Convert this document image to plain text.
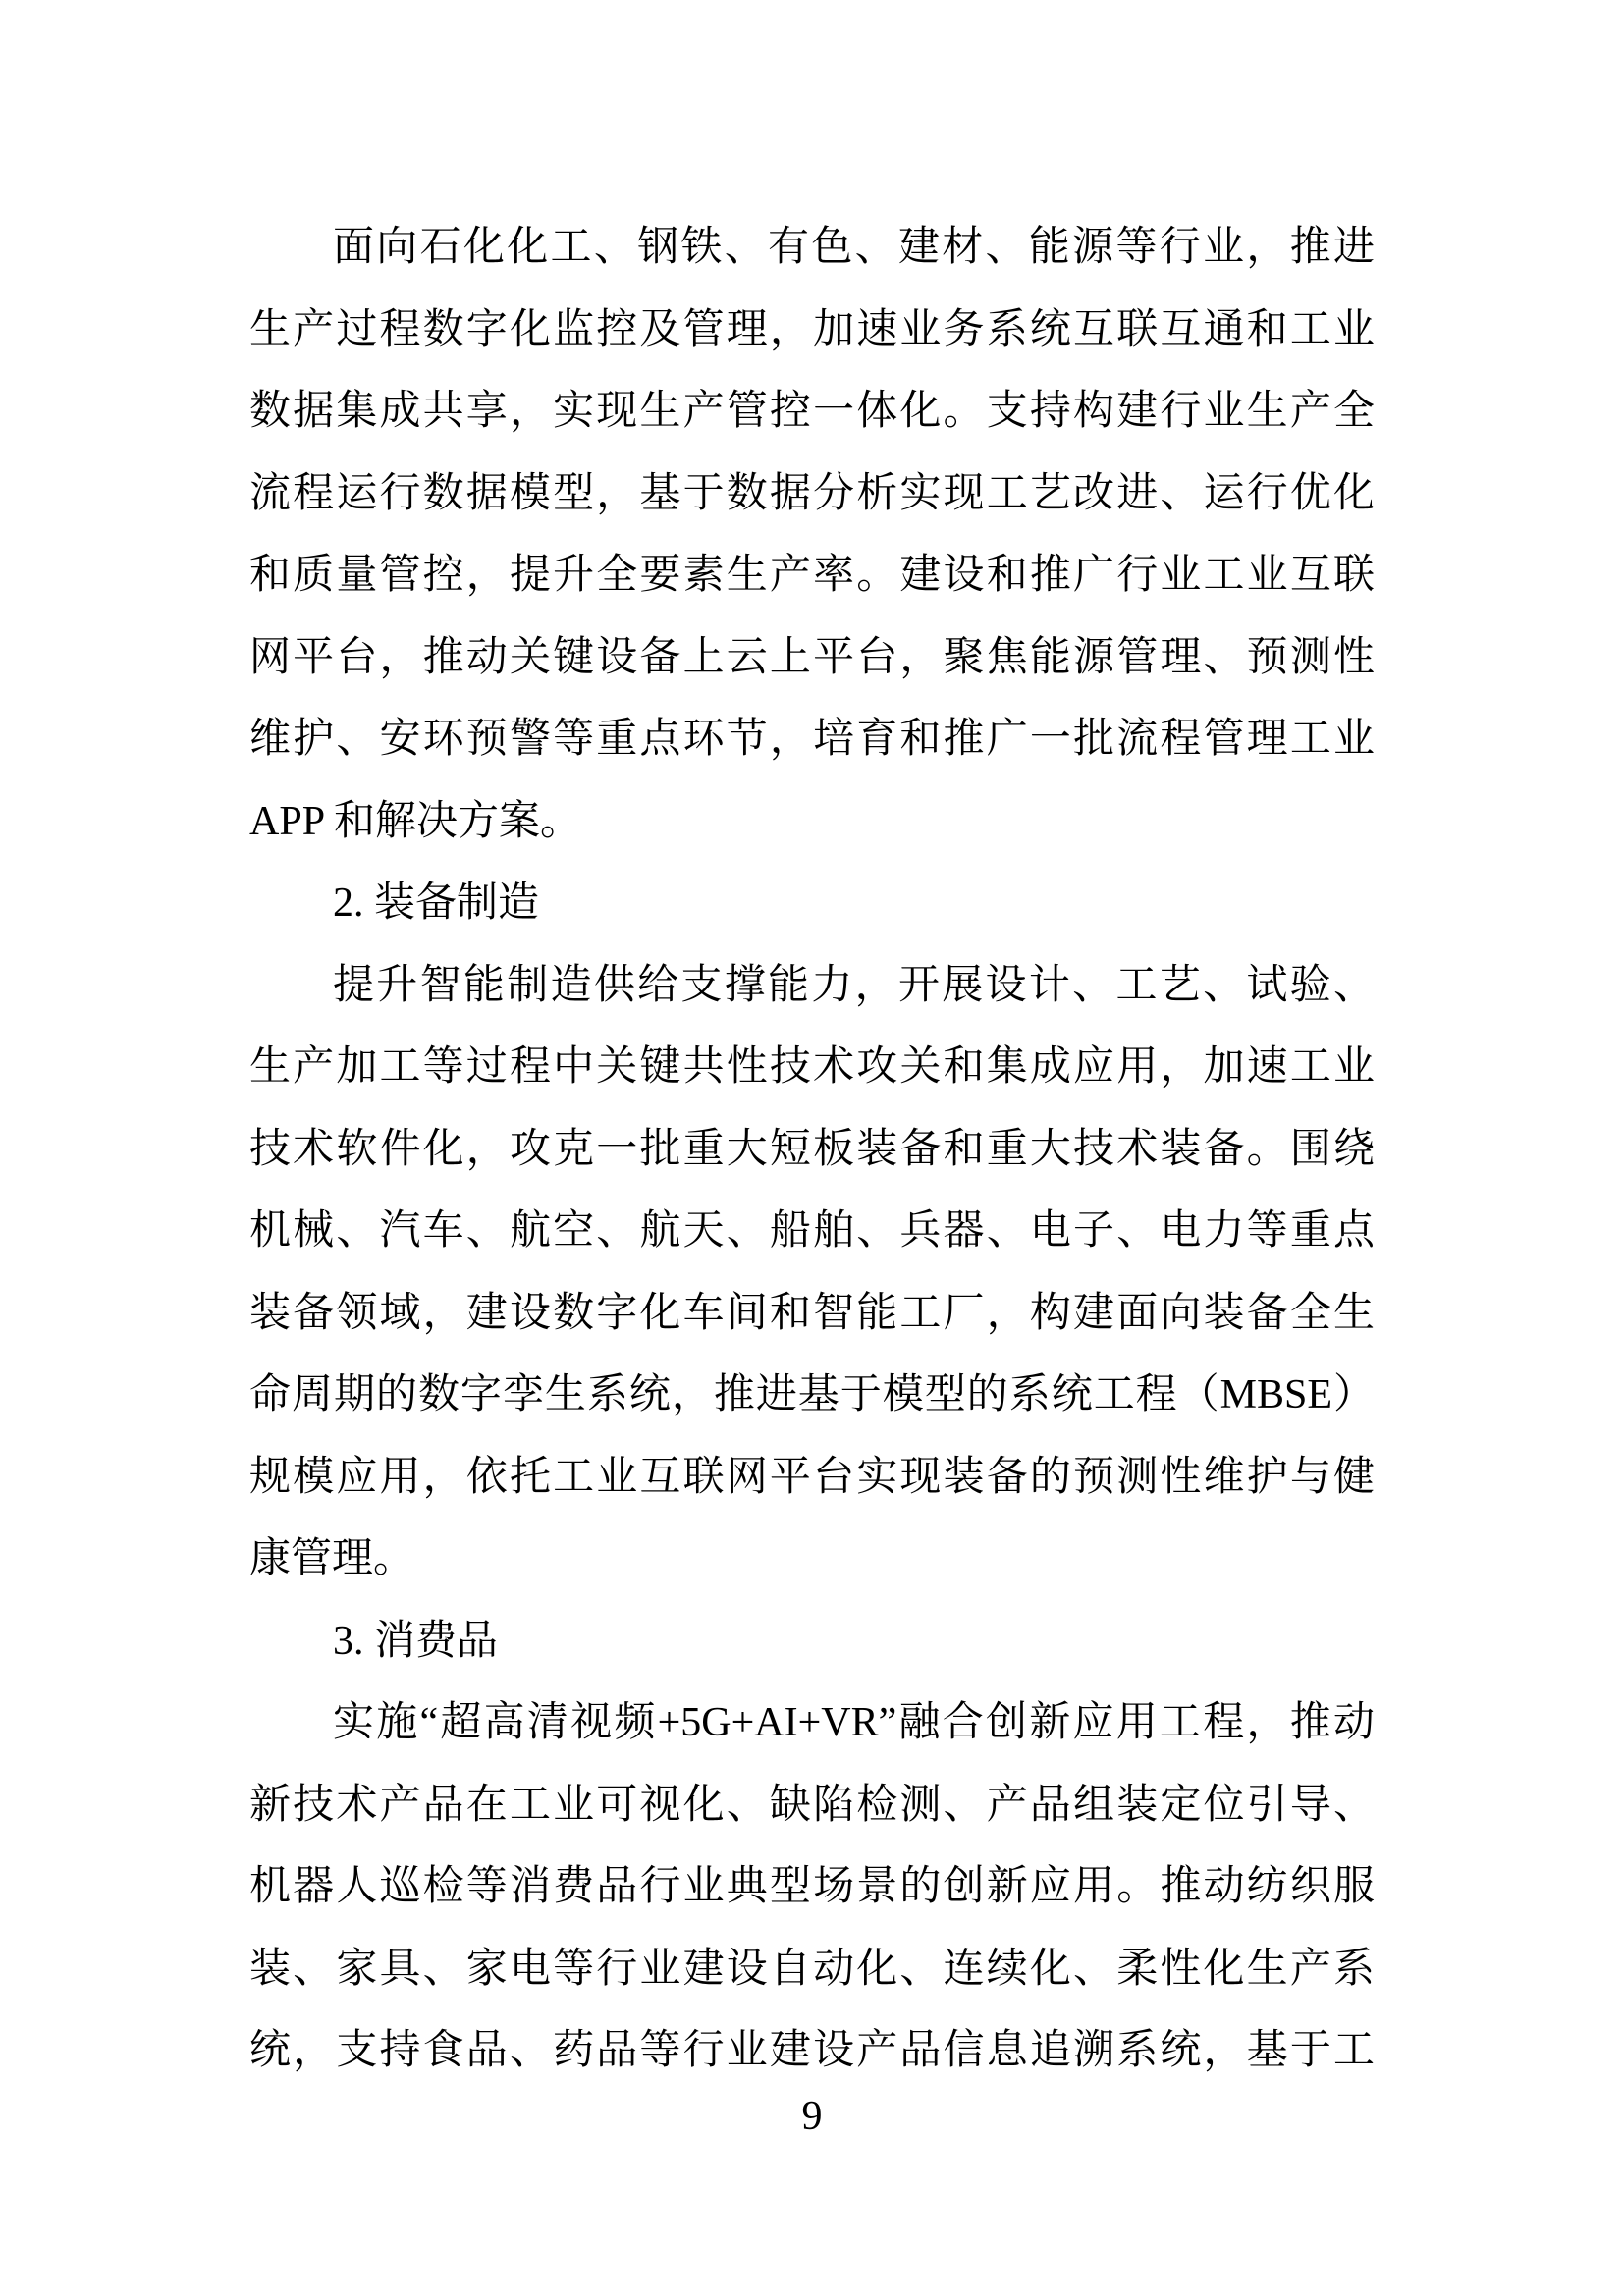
面向石化化工、钢铁、有色、建材、能源等行业，推进
生产过程数字化监控及管理，加速业务系统互联互通和工业
数据集成共享，实现生产管控一体化。支持构建行业生产全
流程运行数据模型，基于数据分析实现工艺改进、运行优化
和质量管控，提升全要素生产率。建设和推广行业工业互联
网平台，推动关键设备上云上平台，聚焦能源管理、预测性
维护、安环预警等重点环节，培育和推广一批流程管理工业
APP 和解决方案。
2. 装备制造
提升智能制造供给支撑能力，开展设计、工艺、试验、
生产加工等过程中关键共性技术攻关和集成应用，加速工业
技术软件化，攻克一批重大短板装备和重大技术装备。围绕
机械、汽车、航空、航天、船舶、兵器、电子、电力等重点
装备领域，建设数字化车间和智能工厂，构建面向装备全生
命周期的数字孪生系统，推进基于模型的系统工程（MBSE）
规模应用，依托工业互联网平台实现装备的预测性维护与健
康管理。
3. 消费品
实施“超高清视频+5G+AI+VR”融合创新应用工程，推动
新技术产品在工业可视化、缺陷检测、产品组装定位引导、
机器人巡检等消费品行业典型场景的创新应用。推动纺织服
装、家具、家电等行业建设自动化、连续化、柔性化生产系
统，支持食品、药品等行业建设产品信息追溯系统，基于工
9
